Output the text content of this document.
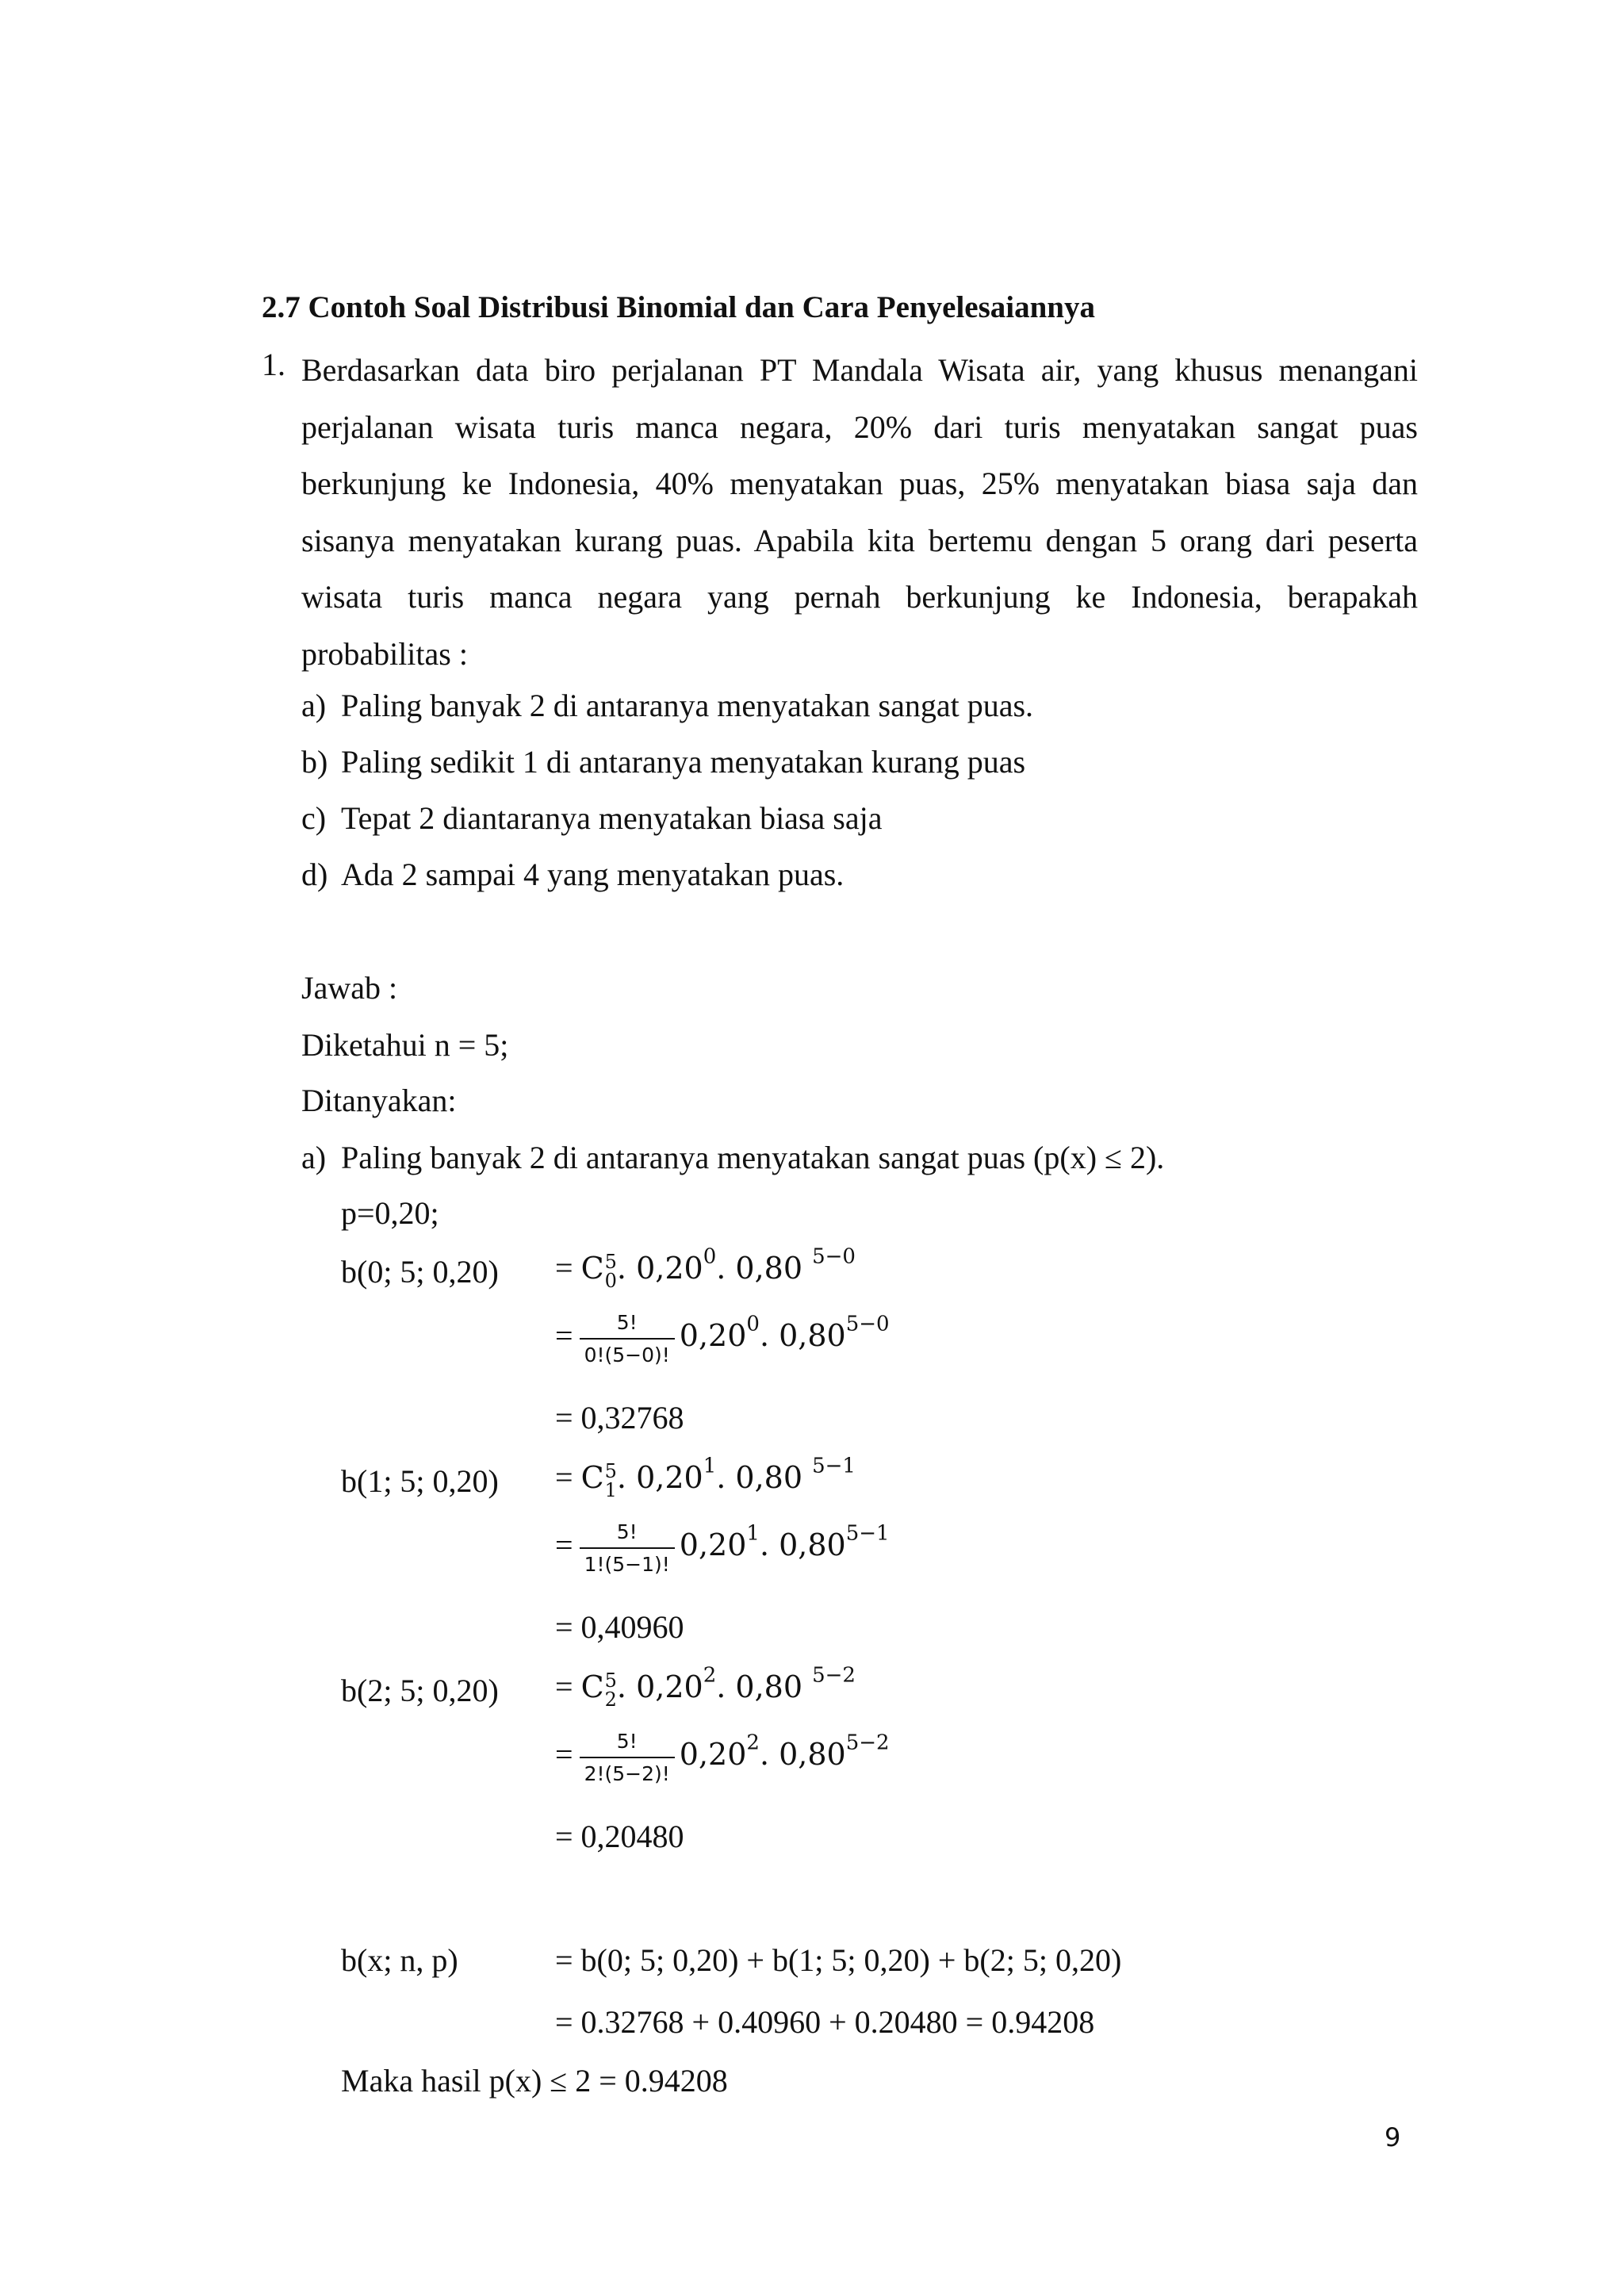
2.7 Contoh Soal Distribusi Binomial dan Cara Penyelesaiannya
1. Berdasarkan data biro perjalanan PT Mandala Wisata air, yang khusus menangani perjalanan wisata turis manca negara, 20% dari turis menyatakan sangat puas berkunjung ke Indonesia, 40% menyatakan puas, 25% menyatakan biasa saja dan sisanya menyatakan kurang puas. Apabila kita bertemu dengan 5 orang dari peserta wisata turis manca negara yang pernah berkunjung ke Indonesia, berapakah probabilitas :
a) Paling banyak 2 di antaranya menyatakan sangat puas.
b) Paling sedikit 1 di antaranya menyatakan kurang puas
c) Tepat 2 diantaranya menyatakan biasa saja
d) Ada 2 sampai 4 yang menyatakan puas.
Jawab :
Diketahui n = 5;
Ditanyakan:
a) Paling banyak 2 di antaranya menyatakan sangat puas (p(x) ≤ 2).
p=0,20;
b(0; 5; 0,20) = C 5
0 . 0,20$^0$. 0,80 $^{5-0}$
= $\frac{5!}{0!(5-0)!} 0,20^0$. $0,80^{5-0}$
= 0,32768
b(1; 5; 0,20) = C 5
1 . 0,20$^1$. 0,80 $^{5-1}$
= $\frac{5!}{1!(5-1)!} 0,20^1$. $0,80^{5-1}$
= 0,40960
b(2; 5; 0,20) = C 5
2 . 0,20$^2$. 0,80 $^{5-2}$
= $\frac{5!}{2!(5-2)!} 0,20^2$. $0,80^{5-2}$
= 0,20480
b(x; n, p)	= b(0; 5; 0,20) + b(1; 5; 0,20) + b(2; 5; 0,20)
= 0.32768 + 0.40960 + 0.20480 = 0.94208
Maka hasil p(x) ≤ 2 = 0.94208
9
